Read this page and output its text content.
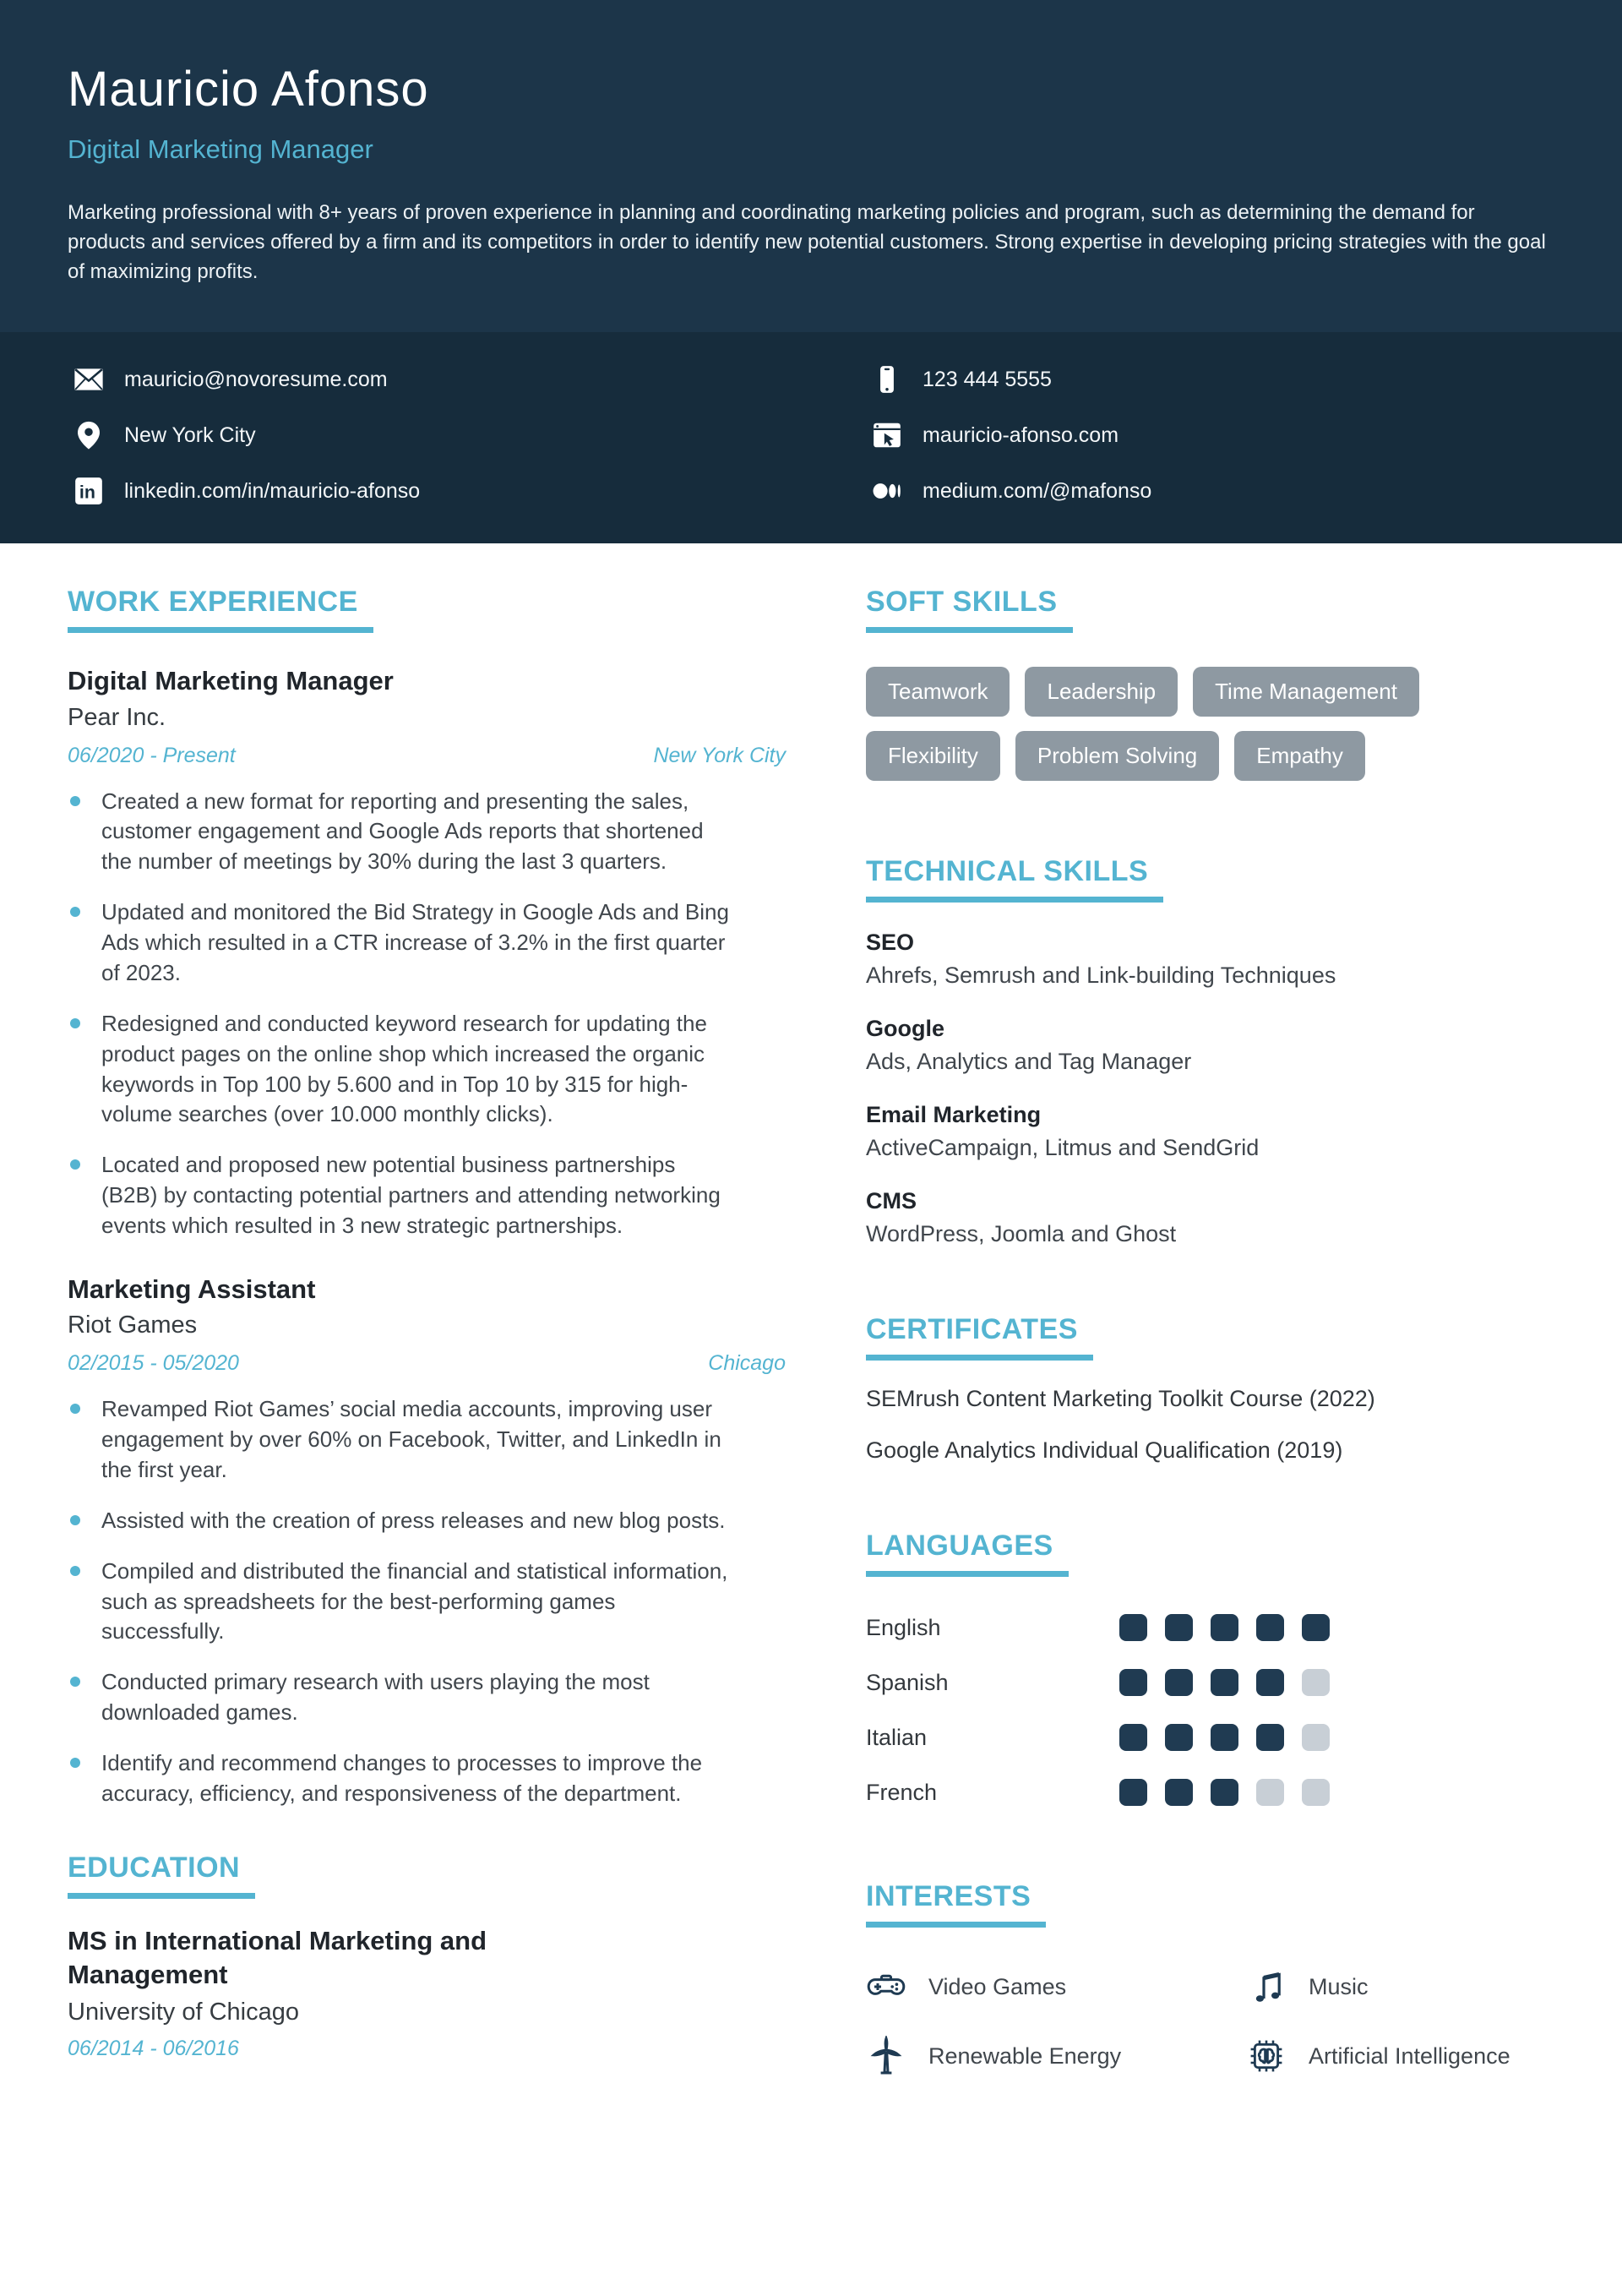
Mauricio Afonso
Digital Marketing Manager
Marketing professional with 8+ years of proven experience in planning and coordinating marketing policies and program, such as determining the demand for products and services offered by a firm and its competitors in order to identify new potential customers. Strong expertise in developing pricing strategies with the goal of maximizing profits.
mauricio@novoresume.com	123 444 5555
New York City	mauricio-afonso.com
in linkedin.com/in/mauricio-afonso	medium.com/@mafonso
WORK EXPERIENCE
Digital Marketing Manager
Pear Inc.
06/2020 - Present	New York City
Created a new format for reporting and presenting the sales, customer engagement and Google Ads reports that shortened the number of meetings by 30% during the last 3 quarters.
Updated and monitored the Bid Strategy in Google Ads and Bing Ads which resulted in a CTR increase of 3.2% in the first quarter of 2023.
Redesigned and conducted keyword research for updating the product pages on the online shop which increased the organic keywords in Top 100 by 5.600 and in Top 10 by 315 for high-volume searches (over 10.000 monthly clicks).
Located and proposed new potential business partnerships (B2B) by contacting potential partners and attending networking events which resulted in 3 new strategic partnerships.
Marketing Assistant
Riot Games
02/2015 - 05/2020	Chicago
Revamped Riot Games’ social media accounts, improving user engagement by over 60% on Facebook, Twitter, and LinkedIn in the first year.
Assisted with the creation of press releases and new blog posts.
Compiled and distributed the financial and statistical information, such as spreadsheets for the best-performing games successfully.
Conducted primary research with users playing the most downloaded games.
Identify and recommend changes to processes to improve the accuracy, efficiency, and responsiveness of the department.
EDUCATION
MS in International Marketing and Management
University of Chicago
06/2014 - 06/2016
SOFT SKILLS
Teamwork	Leadership	Time Management
Flexibility	Problem Solving	Empathy
TECHNICAL SKILLS
SEO
Ahrefs, Semrush and Link-building Techniques
Google
Ads, Analytics and Tag Manager
Email Marketing
ActiveCampaign, Litmus and SendGrid
CMS
WordPress, Joomla and Ghost
CERTIFICATES
SEMrush Content Marketing Toolkit Course (2022)
Google Analytics Individual Qualification (2019)
LANGUAGES
English
Spanish
Italian
French
INTERESTS
Video Games	Music
Renewable Energy	Artificial Intelligence
